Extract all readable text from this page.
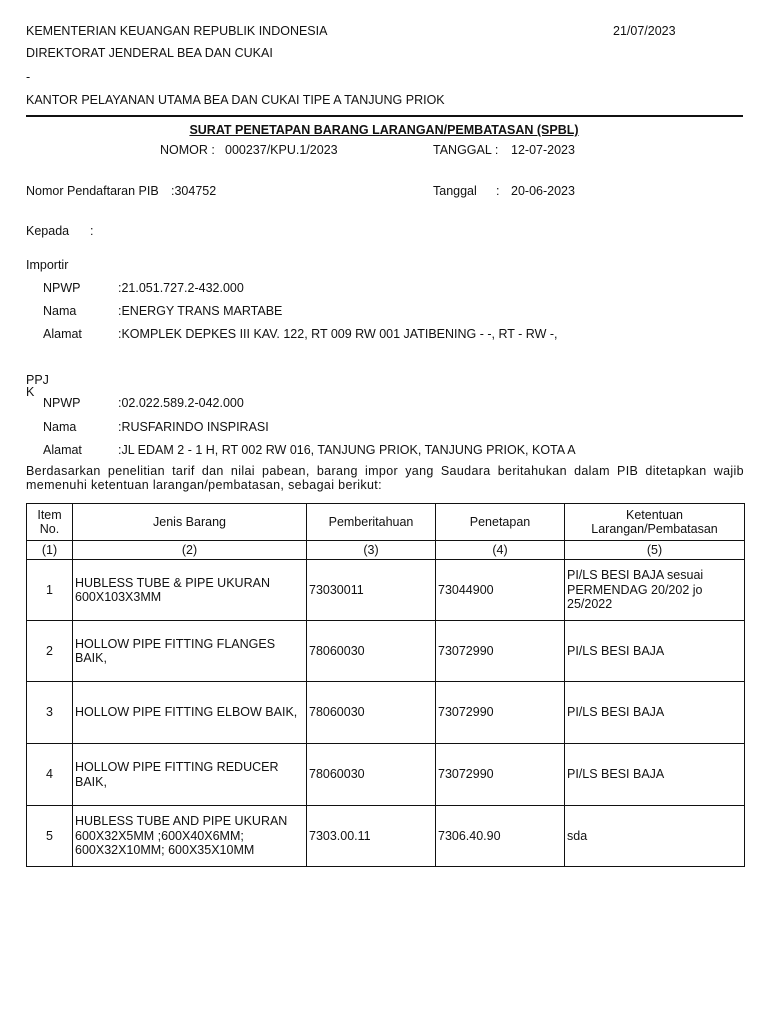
KEMENTERIAN KEUANGAN REPUBLIK INDONESIA	21/07/2023
DIREKTORAT JENDERAL BEA DAN CUKAI
-
KANTOR PELAYANAN UTAMA BEA DAN CUKAI TIPE A TANJUNG PRIOK
SURAT PENETAPAN BARANG LARANGAN/PEMBATASAN (SPBL)
NOMOR : 000237/KPU.1/2023	TANGGAL : 12-07-2023
Nomor Pendaftaran PIB :304752	Tanggal : 20-06-2023
Kepada :
Importir
NPWP	:21.051.727.2-432.000
Nama	:ENERGY TRANS MARTABE
Alamat	:KOMPLEK DEPKES III KAV. 122, RT 009 RW 001 JATIBENING - -, RT - RW -,
PPJ
K
NPWP	:02.022.589.2-042.000
Nama	:RUSFARINDO INSPIRASI
Alamat	:JL EDAM 2 - 1 H, RT 002 RW 016, TANJUNG PRIOK, TANJUNG PRIOK, KOTA A
Berdasarkan penelitian tarif dan nilai pabean, barang impor yang Saudara beritahukan dalam PIB ditetapkan wajib memenuhi ketentuan larangan/pembatasan, sebagai berikut:
Item No.	Jenis Barang	Pemberitahuan	Penetapan	Ketentuan Larangan/Pembatasan
(1)	(2)	(3)	(4)	(5)
1	HUBLESS TUBE & PIPE UKURAN 600X103X3MM	73030011	73044900	PI/LS BESI BAJA sesuai PERMENDAG 20/202 jo 25/2022
2	HOLLOW PIPE FITTING FLANGES BAIK,	78060030	73072990	PI/LS BESI BAJA
3	HOLLOW PIPE FITTING ELBOW BAIK,	78060030	73072990	PI/LS BESI BAJA
4	HOLLOW PIPE FITTING REDUCER BAIK,	78060030	73072990	PI/LS BESI BAJA
5	HUBLESS TUBE AND PIPE UKURAN 600X32X5MM ;600X40X6MM; 600X32X10MM; 600X35X10MM	7303.00.11	7306.40.90	sda
